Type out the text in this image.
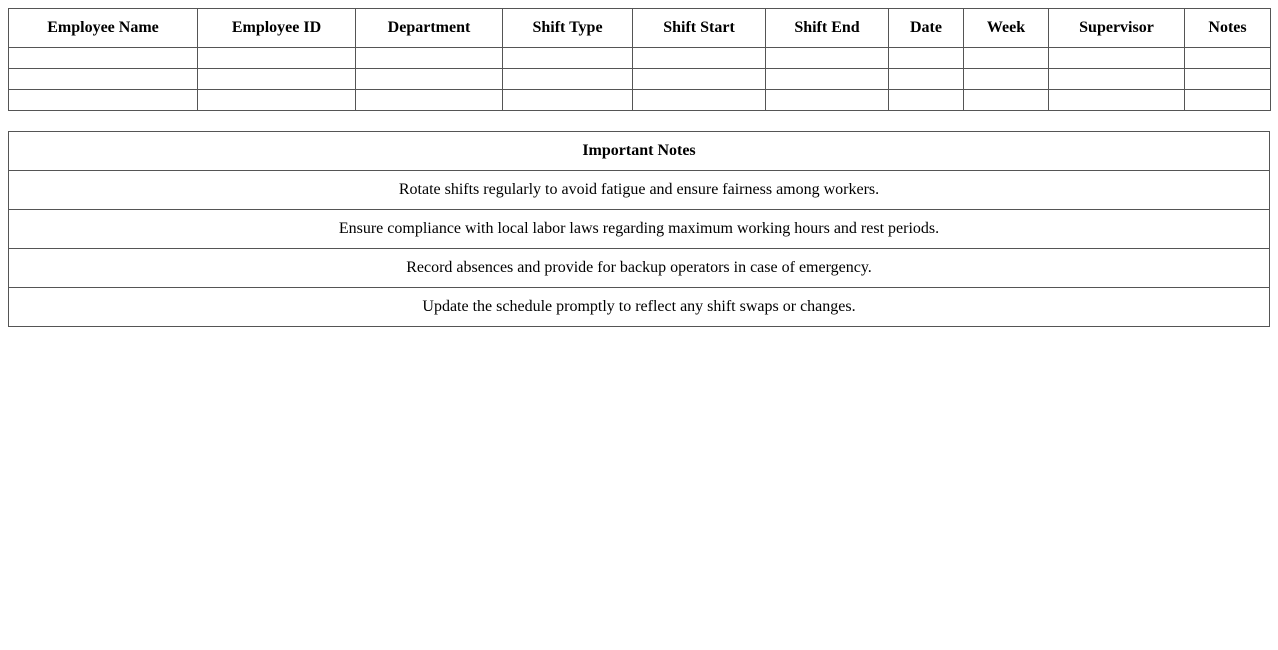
Employee Name	Employee ID	Department	Shift Type	Shift Start	Shift End	Date	Week	Supervisor	Notes

Important Notes
Rotate shifts regularly to avoid fatigue and ensure fairness among workers.
Ensure compliance with local labor laws regarding maximum working hours and rest periods.
Record absences and provide for backup operators in case of emergency.
Update the schedule promptly to reflect any shift swaps or changes.
